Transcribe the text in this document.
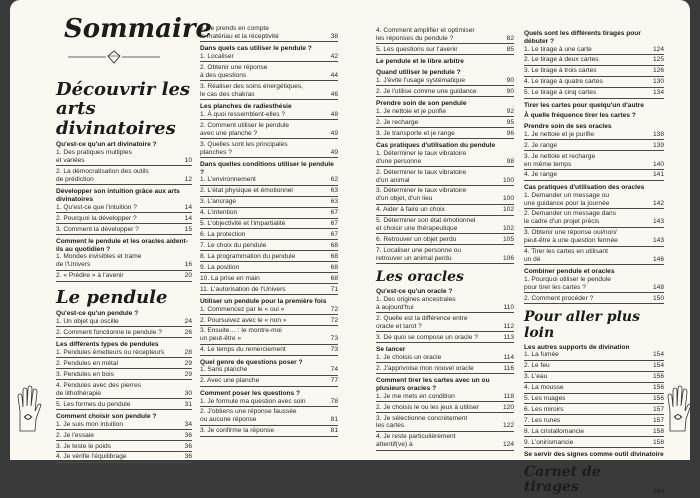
Sommaire
Découvrir les arts divinatoires
Qu'est-ce qu'un art divinatoire ?
1. Des pratiques multiples
et variées	10
2. La démocratisation des outils
de prédiction	12
Développer son intuition grâce aux arts divinatoires
1. Qu'est-ce que l'intuition ?	14
2. Pourquoi la développer ?	14
3. Comment la développer ?	15
Comment le pendule et les oracles aident-ils au quotidien ?
1. Mondes invisibles et trame
de l'Univers	16
2. « Prédire » à l'avenir	20
Le pendule
Qu'est-ce qu'un pendule ?
1. Un objet qui oscille	24
2. Comment fonctionne le pendule ?	26
Les différents types de pendules
1. Pendules émetteurs ou récepteurs	28
2. Pendules en métal	29
3. Pendules en bois	29
4. Pendules avec des pierres
de lithothérapie	30
5. Les formes du pendule	31
Comment choisir son pendule ?
1. Je suis mon intuition	34
2. Je l'essaie	36
3. Je teste le poids	36
4. Je vérifie l'équilibrage	36
5. Je prends en compte
le matériau et la réceptivité	38
Dans quels cas utiliser le pendule ?
1. Localiser	42
2. Obtenir une réponse
à des questions	44
3. Réaliser des soins énergétiques,
le cas des chakras	46
Les planches de radiesthésie
1. À quoi ressemblent-elles ?	48
2. Comment utiliser le pendule
avec une planche ?	49
3. Quelles sont les principales
planches ?	49
Dans quelles conditions utiliser le pendule ?
1. L'environnement	62
2. L'état physique et émotionnel	63
3. L'ancrage	63
4. L'intention	67
5. L'objectivité et l'impartialité	67
6. La protection	67
7. Le choix du pendule	68
8. La programmation du pendule	68
9. La position	68
10. La prise en main	68
11. L'autorisation de l'Univers	71
Utiliser un pendule pour la première fois
1. Commencez par le « oui »	72
2. Poursuivez avec le « non »	72
3. Ensuite… : le montre-moi
un peut-être »	73
4. Le temps du remerciement	73
Quel genre de questions poser ?
1. Sans planche	74
2. Avec une planche	77
Comment poser les questions ?
1. Je formule ma question avec soin	78
2. J'obtiens une réponse faussée
ou aucune réponse	81
3. Je confirme la réponse	81
4. Comment amplifier et optimiser
les réponses du pendule ?	82
5. Les questions sur l'avenir	85
Le pendule et le libre arbitre
Quand utiliser le pendule ?
1. J'évite l'usage systématique	90
2. Je l'utilise comme une guidance	90
Prendre soin de son pendule
1. Je nettoie et je purifie	92
2. Je recharge	95
3. Je transporte et je range	96
Cas pratiques d'utilisation du pendule
1. Déterminer le taux vibratoire
d'une personne	98
2. Déterminer le taux vibratoire
d'un animal	100
3. Déterminer le taux vibratoire
d'un objet, d'un lieu	100
4. Aider à faire un choix	102
5. Déterminer son état émotionnel
et choisir une thérapeutique	102
6. Retrouver un objet perdu	105
7. Localiser une personne ou
retrouver un animal perdu	106
Les oracles
Qu'est-ce qu'un oracle ?
1. Des origines ancestrales
à aujourd'hui	110
2. Quelle est la différence entre
oracle et tarot ?	112
3. De quoi se compose un oracle ?	113
Se lancer
1. Je choisis un oracle	114
2. J'apprivoise mon nouvel oracle	116
Comment tirer les cartes avec un ou plusieurs oracles ?
1. Je me mets en condition	118
2. Je choisis le ou les jeux à utiliser	120
3. Je sélectionne concrètement
les cartes	122
4. Je reste particulièrement
attentif(ve) à	124
Quels sont les différents tirages pour débuter ?
1. Le tirage à une carte	124
2. Le tirage à deux cartes	125
3. Le tirage à trois cartes	126
4. Le tirage à quatre cartes	130
5. Le tirage à cinq cartes	134
Tirer les cartes pour quelqu'un d'autre
À quelle fréquence tirer les cartes ?
Prendre soin de ses oracles
1. Je nettoie et je purifie	138
2. Je range	139
3. Je nettoie et recharge
en même temps	140
4. Je range	141
Cas pratiques d'utilisation des oracles
1. Demander un message ou
une guidance pour la journée	142
2. Demander un message dans
le cadre d'un projet précis	143
3. Obtenir une réponse oui/non/
peut-être à une question fermée	143
4. Tirer les cartes en utilisant
un dé	146
Combiner pendule et oracles
1. Pourquoi utiliser le pendule
pour tirer les cartes ?	148
2. Comment procéder ?	150
Pour aller plus loin
Les autres supports de divination
1. La fumée	154
2. Le feu	154
3. L'eau	156
4. La mousse	156
5. Les nuages	156
6. Les miroirs	157
7. Les runes	157
8. La cristallomancie	158
9. L'onirismancie	158
Se servir des signes comme outil divinatoire
Carnet de tirages	164
